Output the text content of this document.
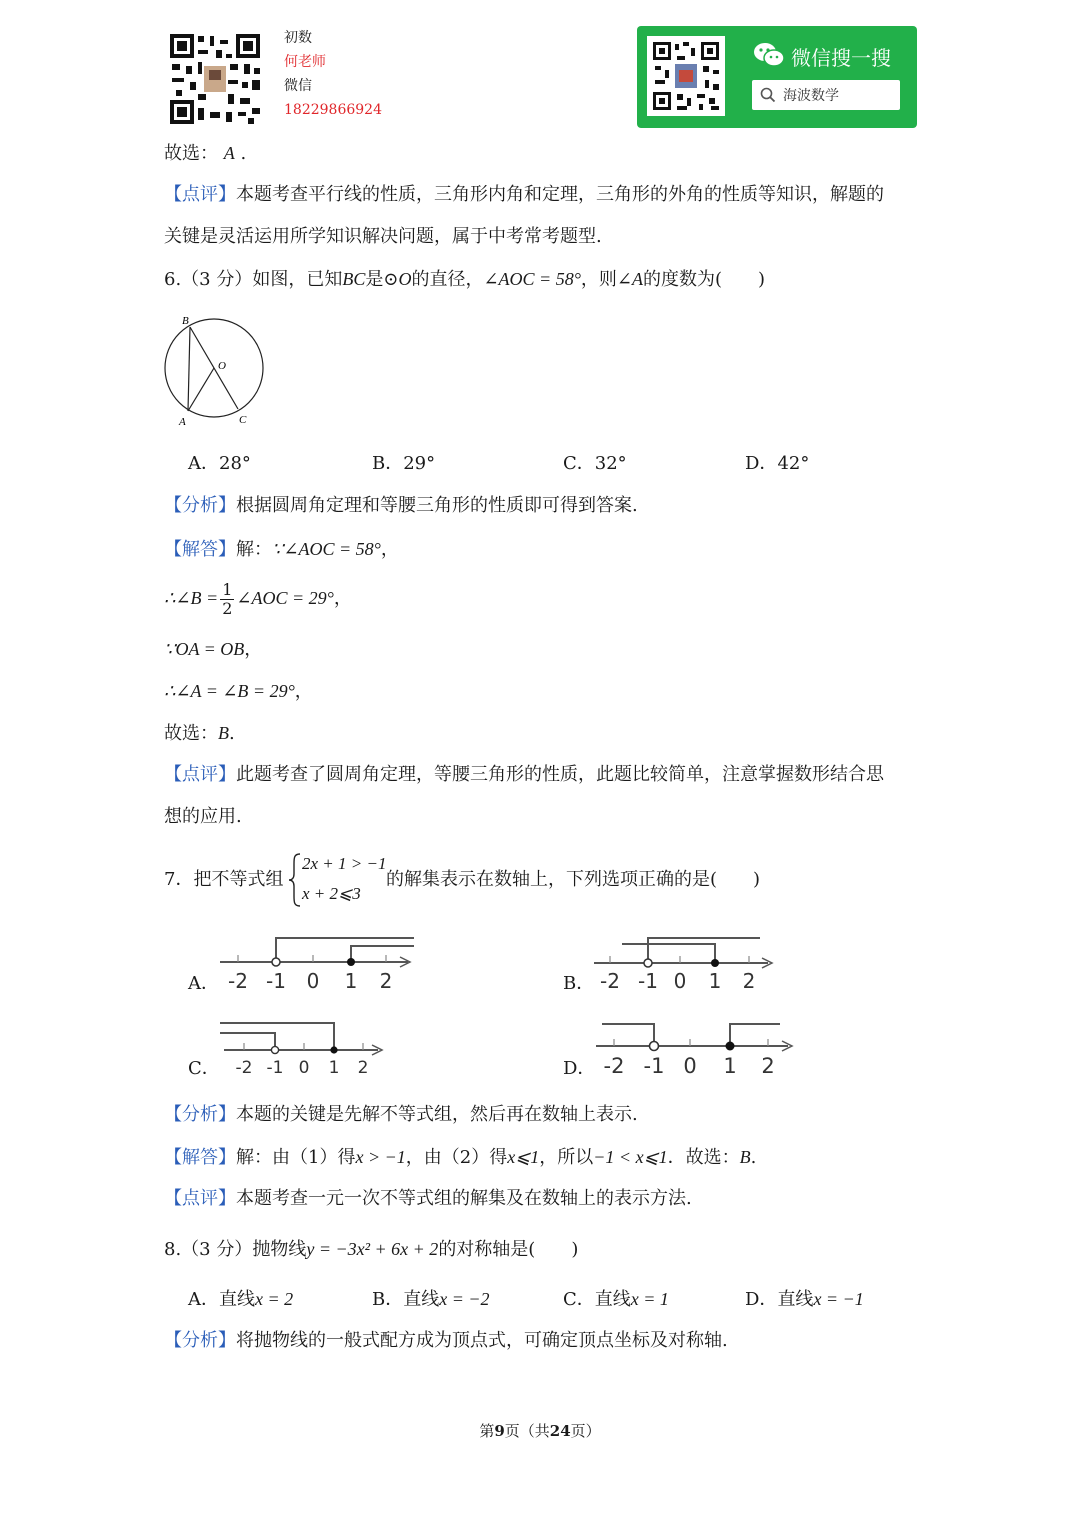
初数
何老师
微信
18229866924
微信搜一搜
海波数学
故选： A .
【点评】本题考查平行线的性质，三角形内角和定理，三角形的外角的性质等知识，解题的
关键是灵活运用所学知识解决问题，属于中考常考题型.
6.（3 分）如图，已知BC是⊙O的直径，∠AOC = 58°，则∠A的度数为(　　)
B
O
A	C
A．28°	B．29°	C．32°	D．42°
【分析】根据圆周角定理和等腰三角形的性质即可得到答案.
【解答】解：∵∠AOC = 58°，
∴∠B = $\frac{1}{2}$ ∠AOC = 29°，
∵OA = OB，
∴∠A = ∠B = 29°，
故选：B.
【点评】此题考查了圆周角定理，等腰三角形的性质，此题比较简单，注意掌握数形结合思
想的应用.
7．把不等式组
2x + 1 > −1
x + 2⩽3
的解集表示在数轴上，下列选项正确的是(　　)
A． -2 -1 0 1 2	B． -2 -1 0 1 2
C． -2 -1 0 1 2	D． -2 -1 0 1 2
【分析】本题的关键是先解不等式组，然后再在数轴上表示.
【解答】解：由（1）得x > −1，由（2）得x⩽1，所以−1 < x⩽1．故选：B.
【点评】本题考查一元一次不等式组的解集及在数轴上的表示方法.
8.（3 分）抛物线y = −3x² + 6x + 2的对称轴是(　　)
A．直线x = 2	B．直线x = −2	C．直线x = 1	D．直线x = −1
【分析】将抛物线的一般式配方成为顶点式，可确定顶点坐标及对称轴.
第9页（共24页）
